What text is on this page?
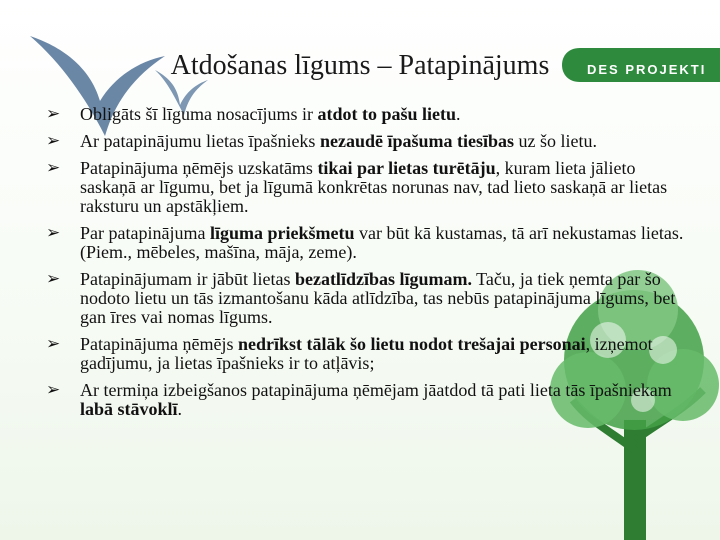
DES PROJEKTI
Atdošanas līgums – Patapinājums
➢ Obligāts šī līguma nosacījums ir atdot to pašu lietu.
➢ Ar patapinājumu lietas īpašnieks nezaudē īpašuma tiesības uz šo lietu.
➢ Patapinājuma ņēmējs uzskatāms tikai par lietas turētāju, kuram lieta jālieto saskaņā ar līgumu, bet ja līgumā konkrētas norunas nav, tad lieto saskaņā ar lietas raksturu un apstākļiem.
➢ Par patapinājuma līguma priekšmetu var būt kā kustamas, tā arī nekustamas lietas. (Piem., mēbeles, mašīna, māja, zeme).
➢ Patapinājumam ir jābūt lietas bezatlīdzības līgumam. Taču, ja tiek ņemta par šo nodoto lietu un tās izmantošanu kāda atlīdzība, tas nebūs patapinājuma līgums, bet gan īres vai nomas līgums.
➢ Patapinājuma ņēmējs nedrīkst tālāk šo lietu nodot trešajai personai, izņemot gadījumu, ja lietas īpašnieks ir to atļāvis;
➢ Ar termiņa izbeigšanos patapinājuma ņēmējam jāatdod tā pati lieta tās īpašniekam labā stāvoklī.
